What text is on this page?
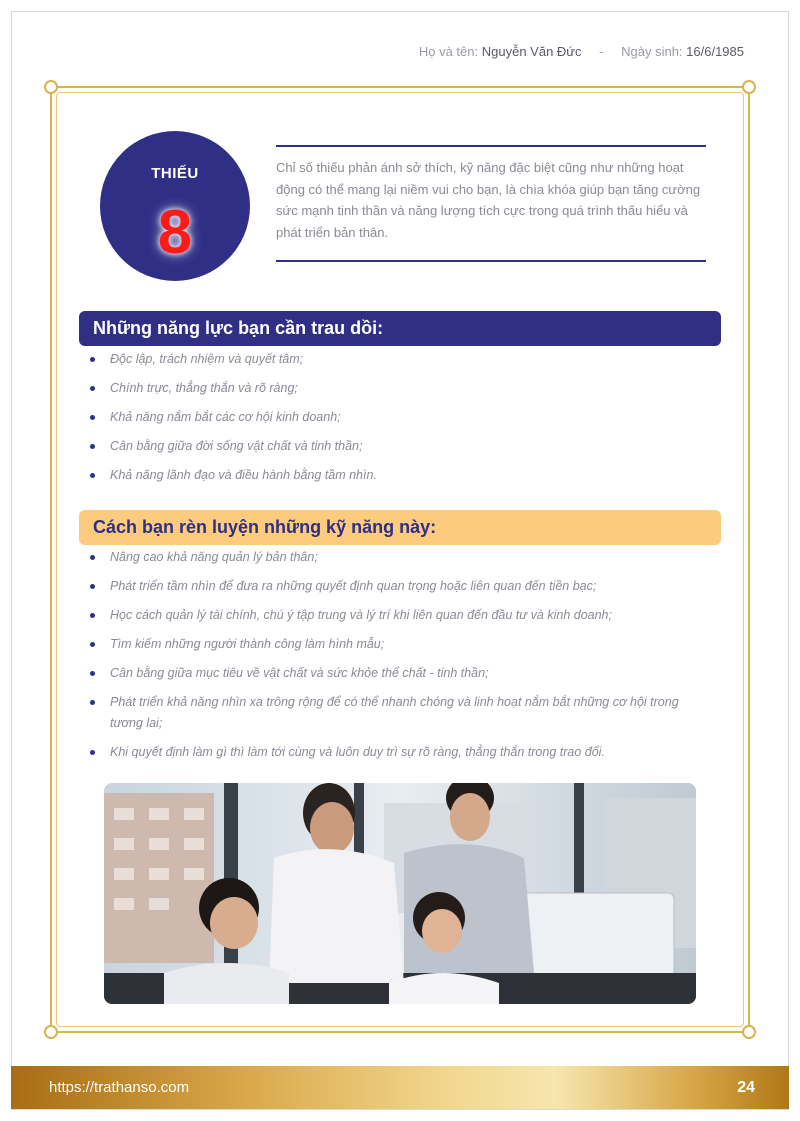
Họ và tên: Nguyễn Văn Đức - Ngày sinh: 16/6/1985
THIẾU
8

Chỉ số thiếu phản ánh sở thích, kỹ năng đặc biệt cũng như những hoạt động có thể mang lại niềm vui cho bạn, là chìa khóa giúp bạn tăng cường sức mạnh tinh thần và năng lượng tích cực trong quá trình thấu hiểu và phát triển bản thân.

Những năng lực bạn cần trau dồi:
Độc lập, trách nhiệm và quyết tâm;
Chính trực, thẳng thắn và rõ ràng;
Khả năng nắm bắt các cơ hội kinh doanh;
Cân bằng giữa đời sống vật chất và tinh thần;
Khả năng lãnh đạo và điều hành bằng tầm nhìn.
Cách bạn rèn luyện những kỹ năng này:
Nâng cao khả năng quản lý bản thân;
Phát triển tầm nhìn để đưa ra những quyết định quan trọng hoặc liên quan đến tiền bạc;
Học cách quản lý tài chính, chú ý tập trung và lý trí khi liên quan đến đầu tư và kinh doanh;
Tìm kiếm những người thành công làm hình mẫu;
Cân bằng giữa mục tiêu về vật chất và sức khỏe thể chất - tinh thần;
Phát triển khả năng nhìn xa trông rộng để có thể nhanh chóng và linh hoạt nắm bắt những cơ hội trong tương lai;
Khi quyết định làm gì thì làm tới cùng và luôn duy trì sự rõ ràng, thẳng thắn trong trao đổi.
https://trathanso.com	24
